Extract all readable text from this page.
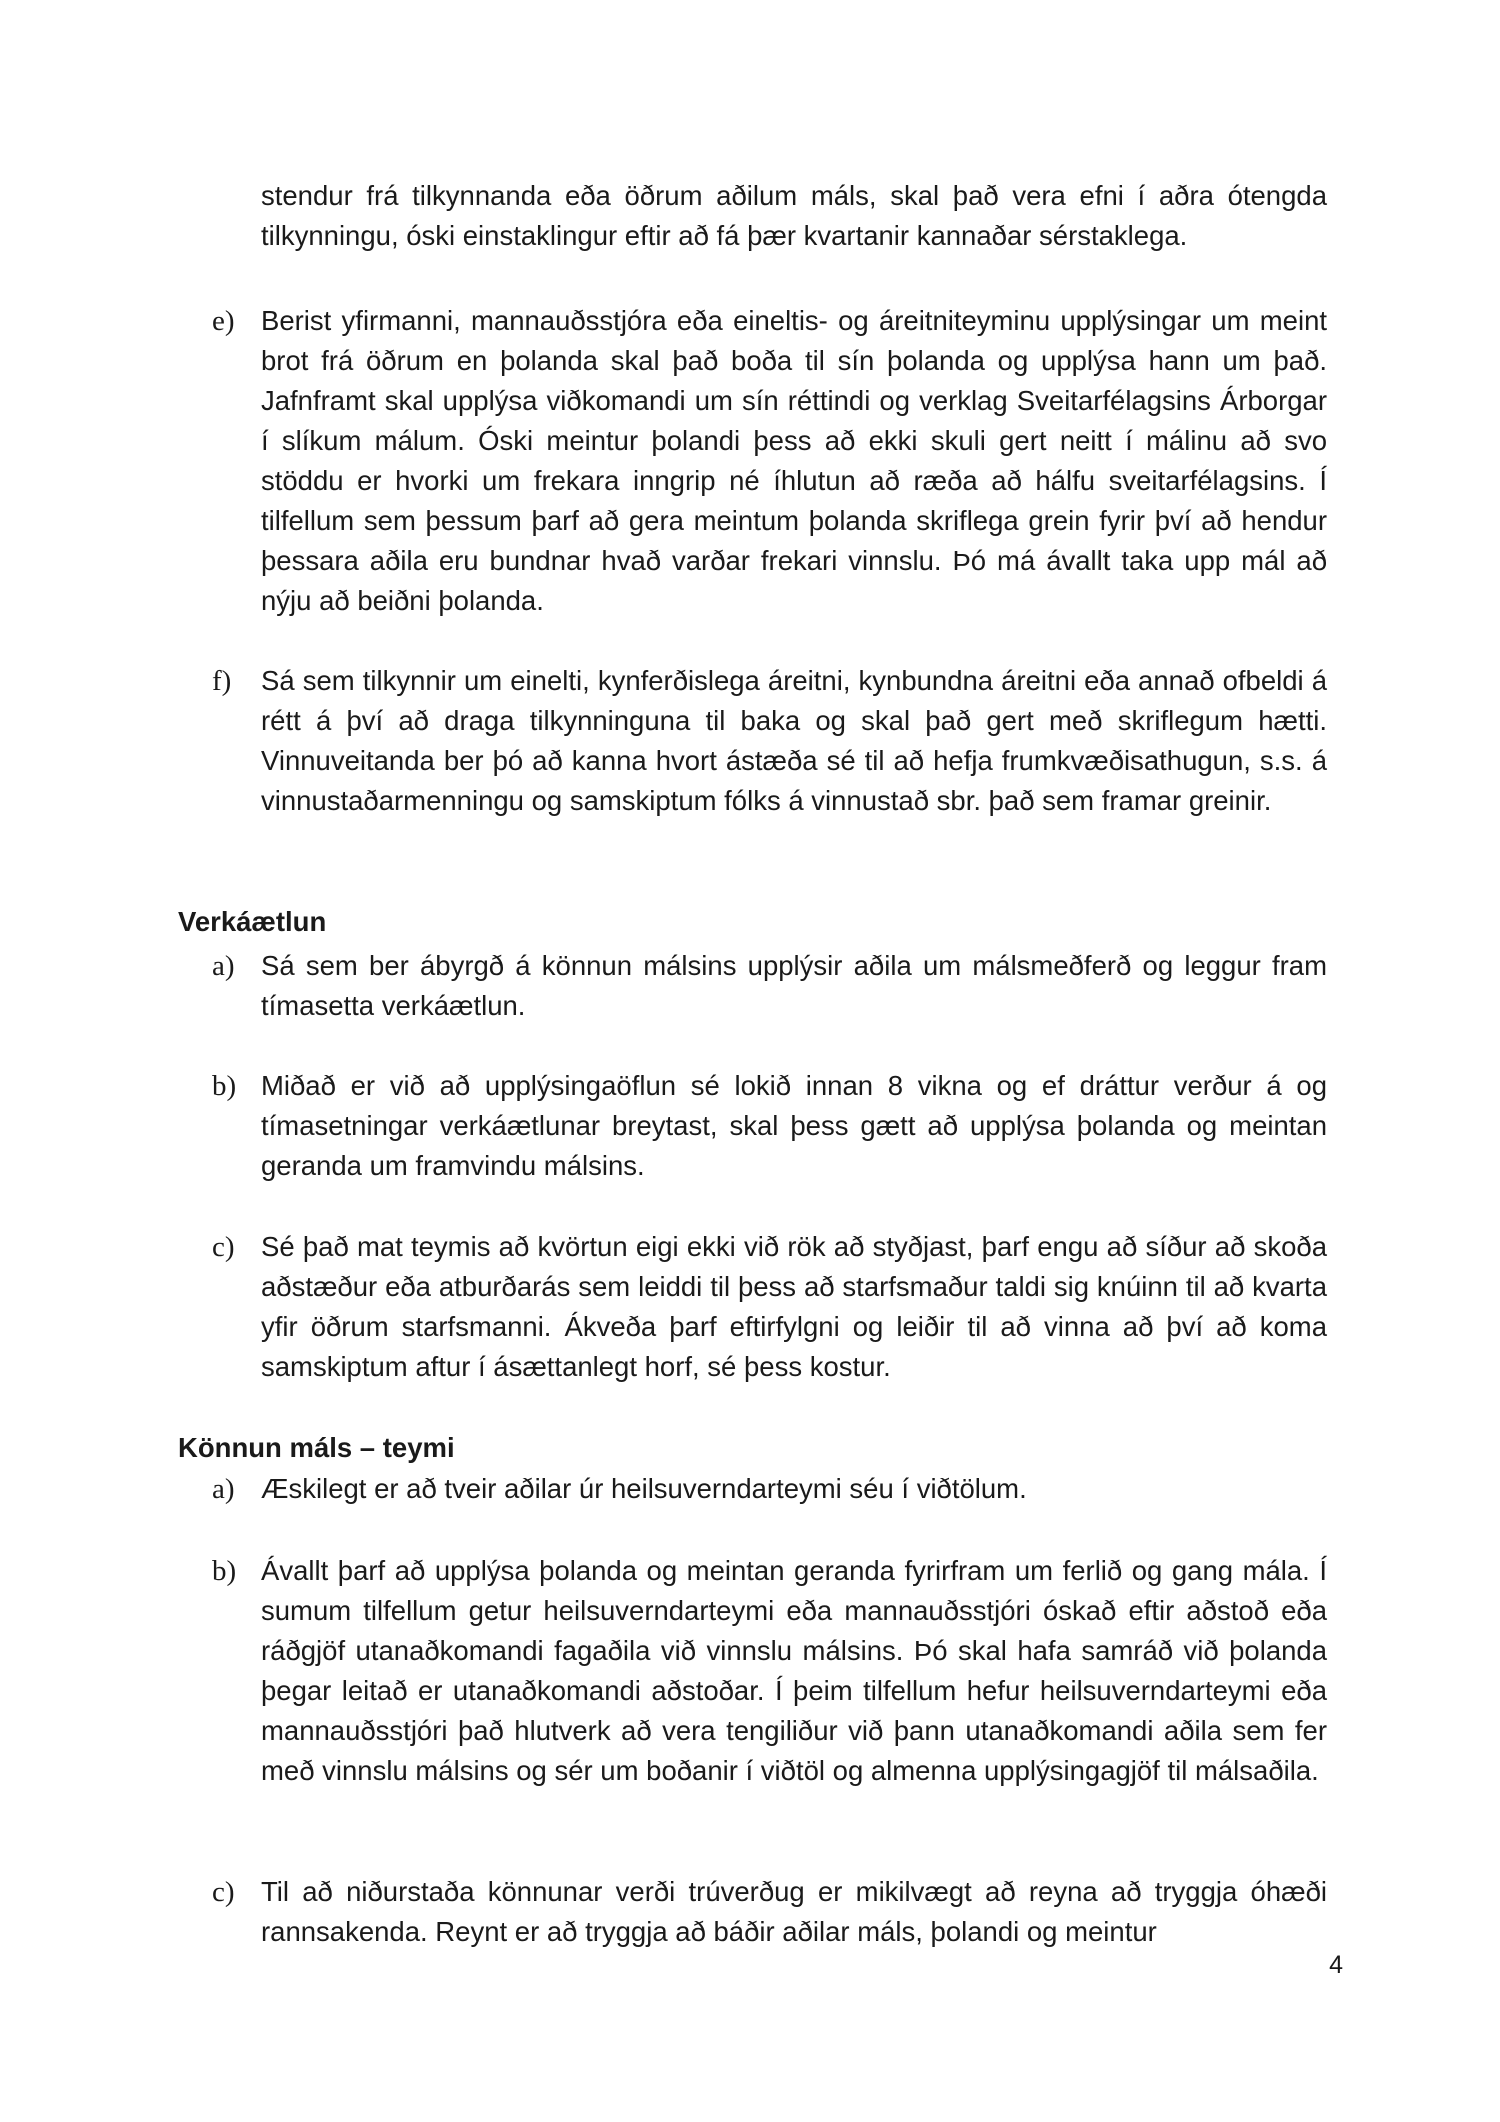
stendur frá tilkynnanda eða öðrum aðilum máls, skal það vera efni í aðra ótengda tilkynningu, óski einstaklingur eftir að fá þær kvartanir kannaðar sérstaklega.
e) Berist yfirmanni, mannauðsstjóra eða eineltis- og áreitniteyminu upplýsingar um meint brot frá öðrum en þolanda skal það boða til sín þolanda og upplýsa hann um það. Jafnframt skal upplýsa viðkomandi um sín réttindi og verklag Sveitarfélagsins Árborgar í slíkum málum. Óski meintur þolandi þess að ekki skuli gert neitt í málinu að svo stöddu er hvorki um frekara inngrip né íhlutun að ræða að hálfu sveitarfélagsins. Í tilfellum sem þessum þarf að gera meintum þolanda skriflega grein fyrir því að hendur þessara aðila eru bundnar hvað varðar frekari vinnslu. Þó má ávallt taka upp mál að nýju að beiðni þolanda.
f)	Sá sem tilkynnir um einelti, kynferðislega áreitni, kynbundna áreitni eða annað ofbeldi á rétt á því að draga tilkynninguna til baka og skal það gert með skriflegum hætti. Vinnuveitanda ber þó að kanna hvort ástæða sé til að hefja frumkvæðisathugun, s.s. á vinnustaðarmenningu og samskiptum fólks á vinnustað sbr. það sem framar greinir.
Verkáætlun
a) Sá sem ber ábyrgð á könnun málsins upplýsir aðila um málsmeðferð og leggur fram tímasetta verkáætlun.
b) Miðað er við að upplýsingaöflun sé lokið innan 8 vikna og ef dráttur verður á og tímasetningar verkáætlunar breytast, skal þess gætt að upplýsa þolanda og meintan geranda um framvindu málsins.
c) Sé það mat teymis að kvörtun eigi ekki við rök að styðjast, þarf engu að síður að skoða aðstæður eða atburðarás sem leiddi til þess að starfsmaður taldi sig knúinn til að kvarta yfir öðrum starfsmanni. Ákveða þarf eftirfylgni og leiðir til að vinna að því að koma samskiptum aftur í ásættanlegt horf, sé þess kostur.
Könnun máls – teymi
a) Æskilegt er að tveir aðilar úr heilsuverndarteymi séu í viðtölum.
b) Ávallt þarf að upplýsa þolanda og meintan geranda fyrirfram um ferlið og gang mála. Í sumum tilfellum getur heilsuverndarteymi eða mannauðsstjóri óskað eftir aðstoð eða ráðgjöf utanaðkomandi fagaðila við vinnslu málsins. Þó skal hafa samráð við þolanda þegar leitað er utanaðkomandi aðstoðar. Í þeim tilfellum hefur heilsuverndarteymi eða mannauðsstjóri það hlutverk að vera tengiliður við þann utanaðkomandi aðila sem fer með vinnslu málsins og sér um boðanir í viðtöl og almenna upplýsingagjöf til málsaðila.
c) Til að niðurstaða könnunar verði trúverðug er mikilvægt að reyna að tryggja óhæði rannsakenda. Reynt er að tryggja að báðir aðilar máls, þolandi og meintur
4
